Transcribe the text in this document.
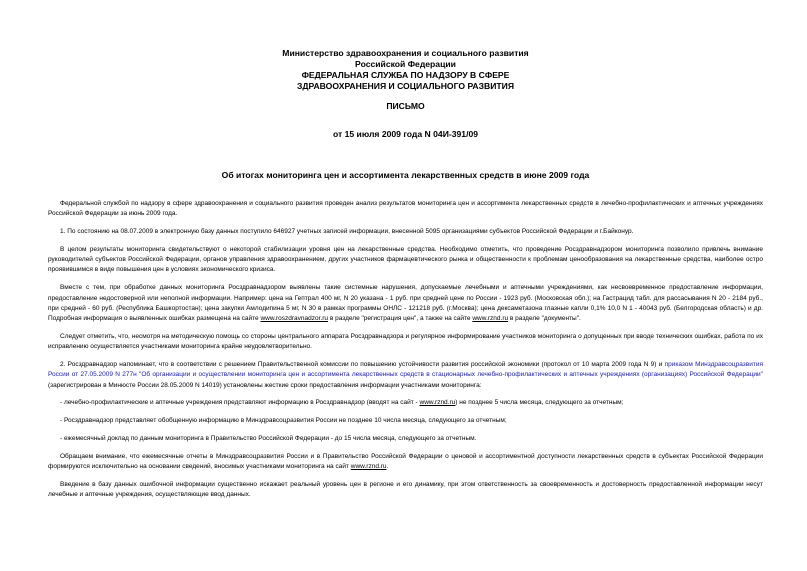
Министерство здравоохранения и социального развития
Российской Федерации
ФЕДЕРАЛЬНАЯ СЛУЖБА ПО НАДЗОРУ В СФЕРЕ
ЗДРАВООХРАНЕНИЯ И СОЦИАЛЬНОГО РАЗВИТИЯ
ПИСЬМО
от 15 июля 2009 года N 04И-391/09
Об итогах мониторинга цен и ассортимента лекарственных средств в июне 2009 года

Федеральной службой по надзору в сфере здравоохранения и социального развития проведен анализ результатов мониторинга цен и ассортимента лекарственных средств в лечебно-профилактических и аптечных учреждениях Российской Федерации за июнь 2009 года.

1. По состоянию на 08.07.2009 в электронную базу данных поступило 646927 учетных записей информации, внесенной 5095 организациями субъектов Российской Федерации и г.Байконур.

В целом результаты мониторинга свидетельствуют о некоторой стабилизации уровня цен на лекарственные средства. Необходимо отметить, что проведение Росздравнадзором мониторинга позволило привлечь внимание руководителей субъектов Российской Федерации, органов управления здравоохранением, других участников фармацевтического рынка и общественности к проблемам ценообразования на лекарственные средства, наиболее остро проявившимся в виде повышения цен в условиях экономического кризиса.

Вместе с тем, при обработке данных мониторинга Росздравнадзором выявлены такие системные нарушения, допускаемые лечебными и аптечными учреждениями, как несвоевременное предоставление информации, предоставление недостоверной или неполной информации. Например: цена на Гептрал 400 мг, N 20 указана - 1 руб. при средней цене по России - 1923 руб. (Московская обл.); на Гастрацид табл. для рассасывания N 20 - 2184 руб., при средней - 60 руб. (Республика Башкортостан); цена закупки Амлодипина 5 мг, N 30 в рамках программы ОНЛС - 121218 руб. (г.Москва); цена дексаметазона глазные капли 0,1% 10,0 N 1 - 40043 руб. (Белгородская область) и др. Подробная информация о выявленных ошибках размещена на сайте www.roszdravnadzor.ru в разделе "регистрация цен", а также на сайте www.rznd.ru в разделе "документы".

Следует отметить, что, несмотря на методическую помощь со стороны центрального аппарата Росздравнадзора и регулярное информирование участников мониторинга о допущенных при вводе технических ошибках, работа по их исправлению осуществляется участниками мониторинга крайне неудовлетворительно.

2. Росздравнадзор напоминает, что в соответствии с решением Правительственной комиссии по повышению устойчивости развития российской экономики (протокол от 10 марта 2009 года N 9) и приказом Минздравсоцразвития России от 27.05.2009 N 277н "Об организации и осуществлении мониторинга цен и ассортимента лекарственных средств в стационарных лечебно-профилактических и аптечных учреждениях (организациях) Российской Федерации" (зарегистрирован в Минюсте России 28.05.2009 N 14019) установлены жесткие сроки предоставления информации участниками мониторинга:

- лечебно-профилактические и аптечные учреждения представляют информацию в Росздравнадзор (вводят на сайт - www.rznd.ru) не позднее 5 числа месяца, следующего за отчетным;

- Росздравнадзор представляет обобщенную информацию в Минздравсоцразвития России не позднее 10 числа месяца, следующего за отчетным;

- ежемесячный доклад по данным мониторинга в Правительство Российской Федерации - до 15 числа месяца, следующего за отчетным.

Обращаем внимание, что ежемесячные отчеты в Минздравсоцразвития России и в Правительство Российской Федерации о ценовой и ассортиментной доступности лекарственных средств в субъектах Российской Федерации формируются исключительно на основании сведений, вносимых участниками мониторинга на сайт www.rznd.ru.

Введение в базу данных ошибочной информации существенно искажает реальный уровень цен в регионе и его динамику, при этом ответственность за своевременность и достоверность предоставленной информации несут лечебные и аптечные учреждения, осуществляющие ввод данных.
